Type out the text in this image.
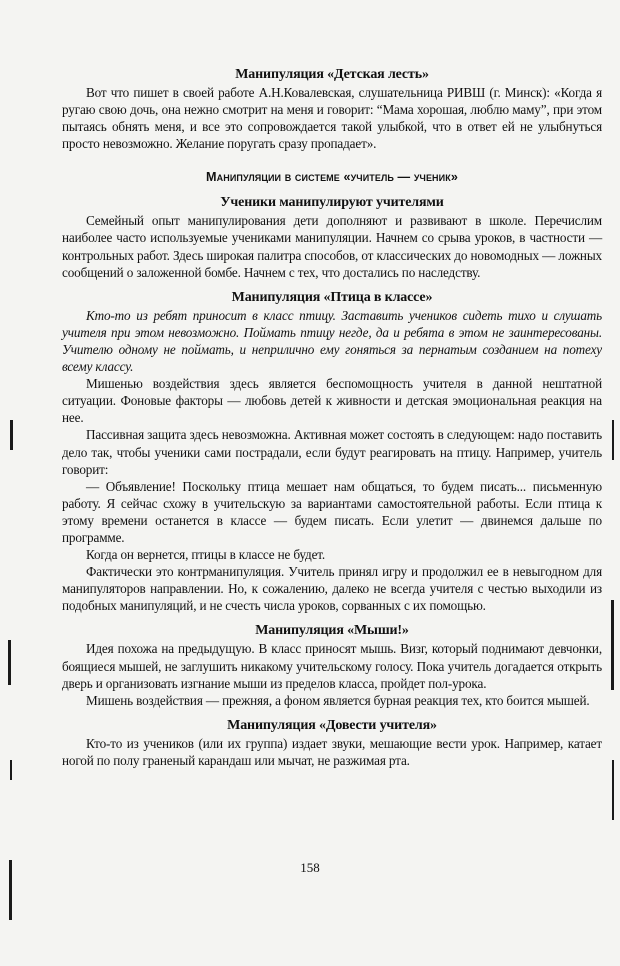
Манипуляция «Детская лесть»

Вот что пишет в своей работе А.Н.Ковалевская, слушательница РИВШ (г. Минск): «Когда я ругаю свою дочь, она нежно смотрит на меня и говорит: “Мама хорошая, люблю маму”, при этом пытаясь обнять меня, и все это сопровождается такой улыбкой, что в ответ ей не улыбнуться просто невозможно. Желание поругать сразу пропадает».

Манипуляции в системе «учитель — ученик»
Ученики манипулируют учителями

Семейный опыт манипулирования дети дополняют и развивают в школе. Перечислим наиболее часто используемые учениками манипуляции. Начнем со срыва уроков, в частности — контрольных работ. Здесь широкая палитра способов, от классических до новомодных — ложных сообщений о заложенной бомбе. Начнем с тех, что достались по наследству.

Манипуляция «Птица в классе»

Кто-то из ребят приносит в класс птицу. Заставить учеников сидеть тихо и слушать учителя при этом невозможно. Поймать птицу негде, да и ребята в этом не заинтересованы. Учителю одному не поймать, и неприлично ему гоняться за пернатым созданием на потеху всему классу.

Мишенью воздействия здесь является беспомощность учителя в данной нештатной ситуации. Фоновые факторы — любовь детей к живности и детская эмоциональная реакция на нее.

Пассивная защита здесь невозможна. Активная может состоять в следующем: надо поставить дело так, чтобы ученики сами пострадали, если будут реагировать на птицу. Например, учитель говорит:

— Объявление! Поскольку птица мешает нам общаться, то будем писать... письменную работу. Я сейчас схожу в учительскую за вариантами самостоятельной работы. Если птица к этому времени останется в классе — будем писать. Если улетит — двинемся дальше по программе.

Когда он вернется, птицы в классе не будет.

Фактически это контрманипуляция. Учитель принял игру и продолжил ее в невыгодном для манипуляторов направлении. Но, к сожалению, далеко не всегда учителя с честью выходили из подобных манипуляций, и не счесть числа уроков, сорванных с их помощью.

Манипуляция «Мыши!»

Идея похожа на предыдущую. В класс приносят мышь. Визг, который поднимают девчонки, боящиеся мышей, не заглушить никакому учительскому голосу. Пока учитель догадается открыть дверь и организовать изгнание мыши из пределов класса, пройдет пол-урока.

Мишень воздействия — прежняя, а фоном является бурная реакция тех, кто боится мышей.

Манипуляция «Довести учителя»

Кто-то из учеников (или их группа) издает звуки, мешающие вести урок. Например, катает ногой по полу граненый карандаш или мычат, не разжимая рта.

158
